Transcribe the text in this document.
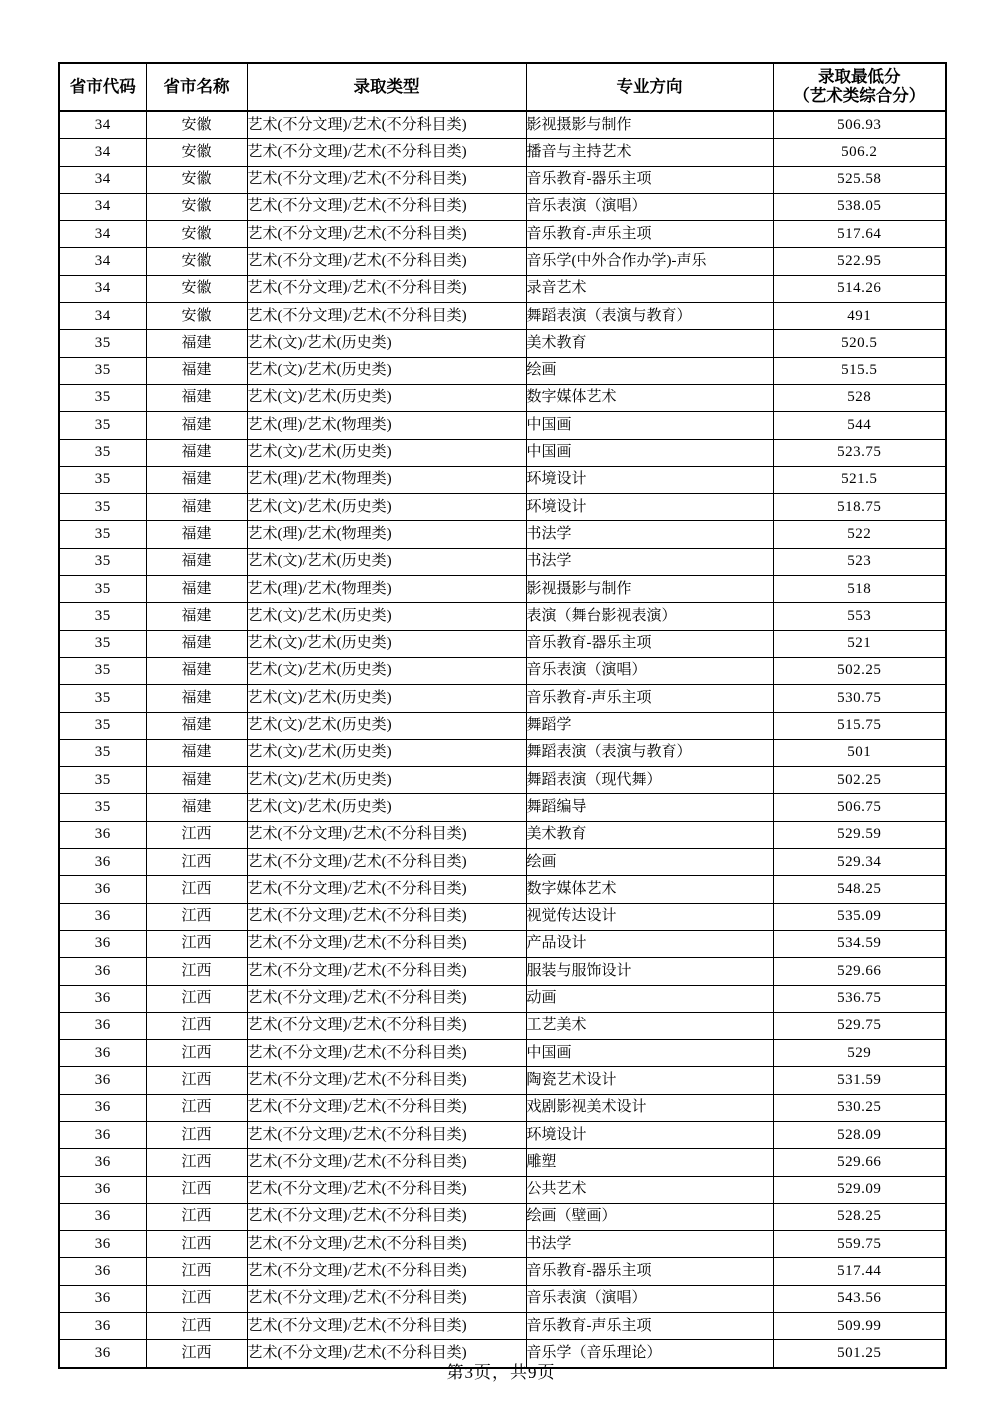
省市代码	省市名称	录取类型	专业方向	录取最低分
（艺术类综合分）

34	安徽	艺术(不分文理)/艺术(不分科目类)	影视摄影与制作	506.93
34	安徽	艺术(不分文理)/艺术(不分科目类)	播音与主持艺术	506.2
34	安徽	艺术(不分文理)/艺术(不分科目类)	音乐教育-器乐主项	525.58
34	安徽	艺术(不分文理)/艺术(不分科目类)	音乐表演（演唱）	538.05
34	安徽	艺术(不分文理)/艺术(不分科目类)	音乐教育-声乐主项	517.64
34	安徽	艺术(不分文理)/艺术(不分科目类)	音乐学(中外合作办学)-声乐	522.95
34	安徽	艺术(不分文理)/艺术(不分科目类)	录音艺术	514.26
34	安徽	艺术(不分文理)/艺术(不分科目类)	舞蹈表演（表演与教育）	491
35	福建	艺术(文)/艺术(历史类)	美术教育	520.5
35	福建	艺术(文)/艺术(历史类)	绘画	515.5
35	福建	艺术(文)/艺术(历史类)	数字媒体艺术	528
35	福建	艺术(理)/艺术(物理类)	中国画	544
35	福建	艺术(文)/艺术(历史类)	中国画	523.75
35	福建	艺术(理)/艺术(物理类)	环境设计	521.5
35	福建	艺术(文)/艺术(历史类)	环境设计	518.75
35	福建	艺术(理)/艺术(物理类)	书法学	522
35	福建	艺术(文)/艺术(历史类)	书法学	523
35	福建	艺术(理)/艺术(物理类)	影视摄影与制作	518
35	福建	艺术(文)/艺术(历史类)	表演（舞台影视表演）	553
35	福建	艺术(文)/艺术(历史类)	音乐教育-器乐主项	521
35	福建	艺术(文)/艺术(历史类)	音乐表演（演唱）	502.25
35	福建	艺术(文)/艺术(历史类)	音乐教育-声乐主项	530.75
35	福建	艺术(文)/艺术(历史类)	舞蹈学	515.75
35	福建	艺术(文)/艺术(历史类)	舞蹈表演（表演与教育）	501
35	福建	艺术(文)/艺术(历史类)	舞蹈表演（现代舞）	502.25
35	福建	艺术(文)/艺术(历史类)	舞蹈编导	506.75
36	江西	艺术(不分文理)/艺术(不分科目类)	美术教育	529.59
36	江西	艺术(不分文理)/艺术(不分科目类)	绘画	529.34
36	江西	艺术(不分文理)/艺术(不分科目类)	数字媒体艺术	548.25
36	江西	艺术(不分文理)/艺术(不分科目类)	视觉传达设计	535.09
36	江西	艺术(不分文理)/艺术(不分科目类)	产品设计	534.59
36	江西	艺术(不分文理)/艺术(不分科目类)	服装与服饰设计	529.66
36	江西	艺术(不分文理)/艺术(不分科目类)	动画	536.75
36	江西	艺术(不分文理)/艺术(不分科目类)	工艺美术	529.75
36	江西	艺术(不分文理)/艺术(不分科目类)	中国画	529
36	江西	艺术(不分文理)/艺术(不分科目类)	陶瓷艺术设计	531.59
36	江西	艺术(不分文理)/艺术(不分科目类)	戏剧影视美术设计	530.25
36	江西	艺术(不分文理)/艺术(不分科目类)	环境设计	528.09
36	江西	艺术(不分文理)/艺术(不分科目类)	雕塑	529.66
36	江西	艺术(不分文理)/艺术(不分科目类)	公共艺术	529.09
36	江西	艺术(不分文理)/艺术(不分科目类)	绘画（壁画）	528.25
36	江西	艺术(不分文理)/艺术(不分科目类)	书法学	559.75
36	江西	艺术(不分文理)/艺术(不分科目类)	音乐教育-器乐主项	517.44
36	江西	艺术(不分文理)/艺术(不分科目类)	音乐表演（演唱）	543.56
36	江西	艺术(不分文理)/艺术(不分科目类)	音乐教育-声乐主项	509.99
36	江西	艺术(不分文理)/艺术(不分科目类)	音乐学（音乐理论）	501.25
第3页，共9页
